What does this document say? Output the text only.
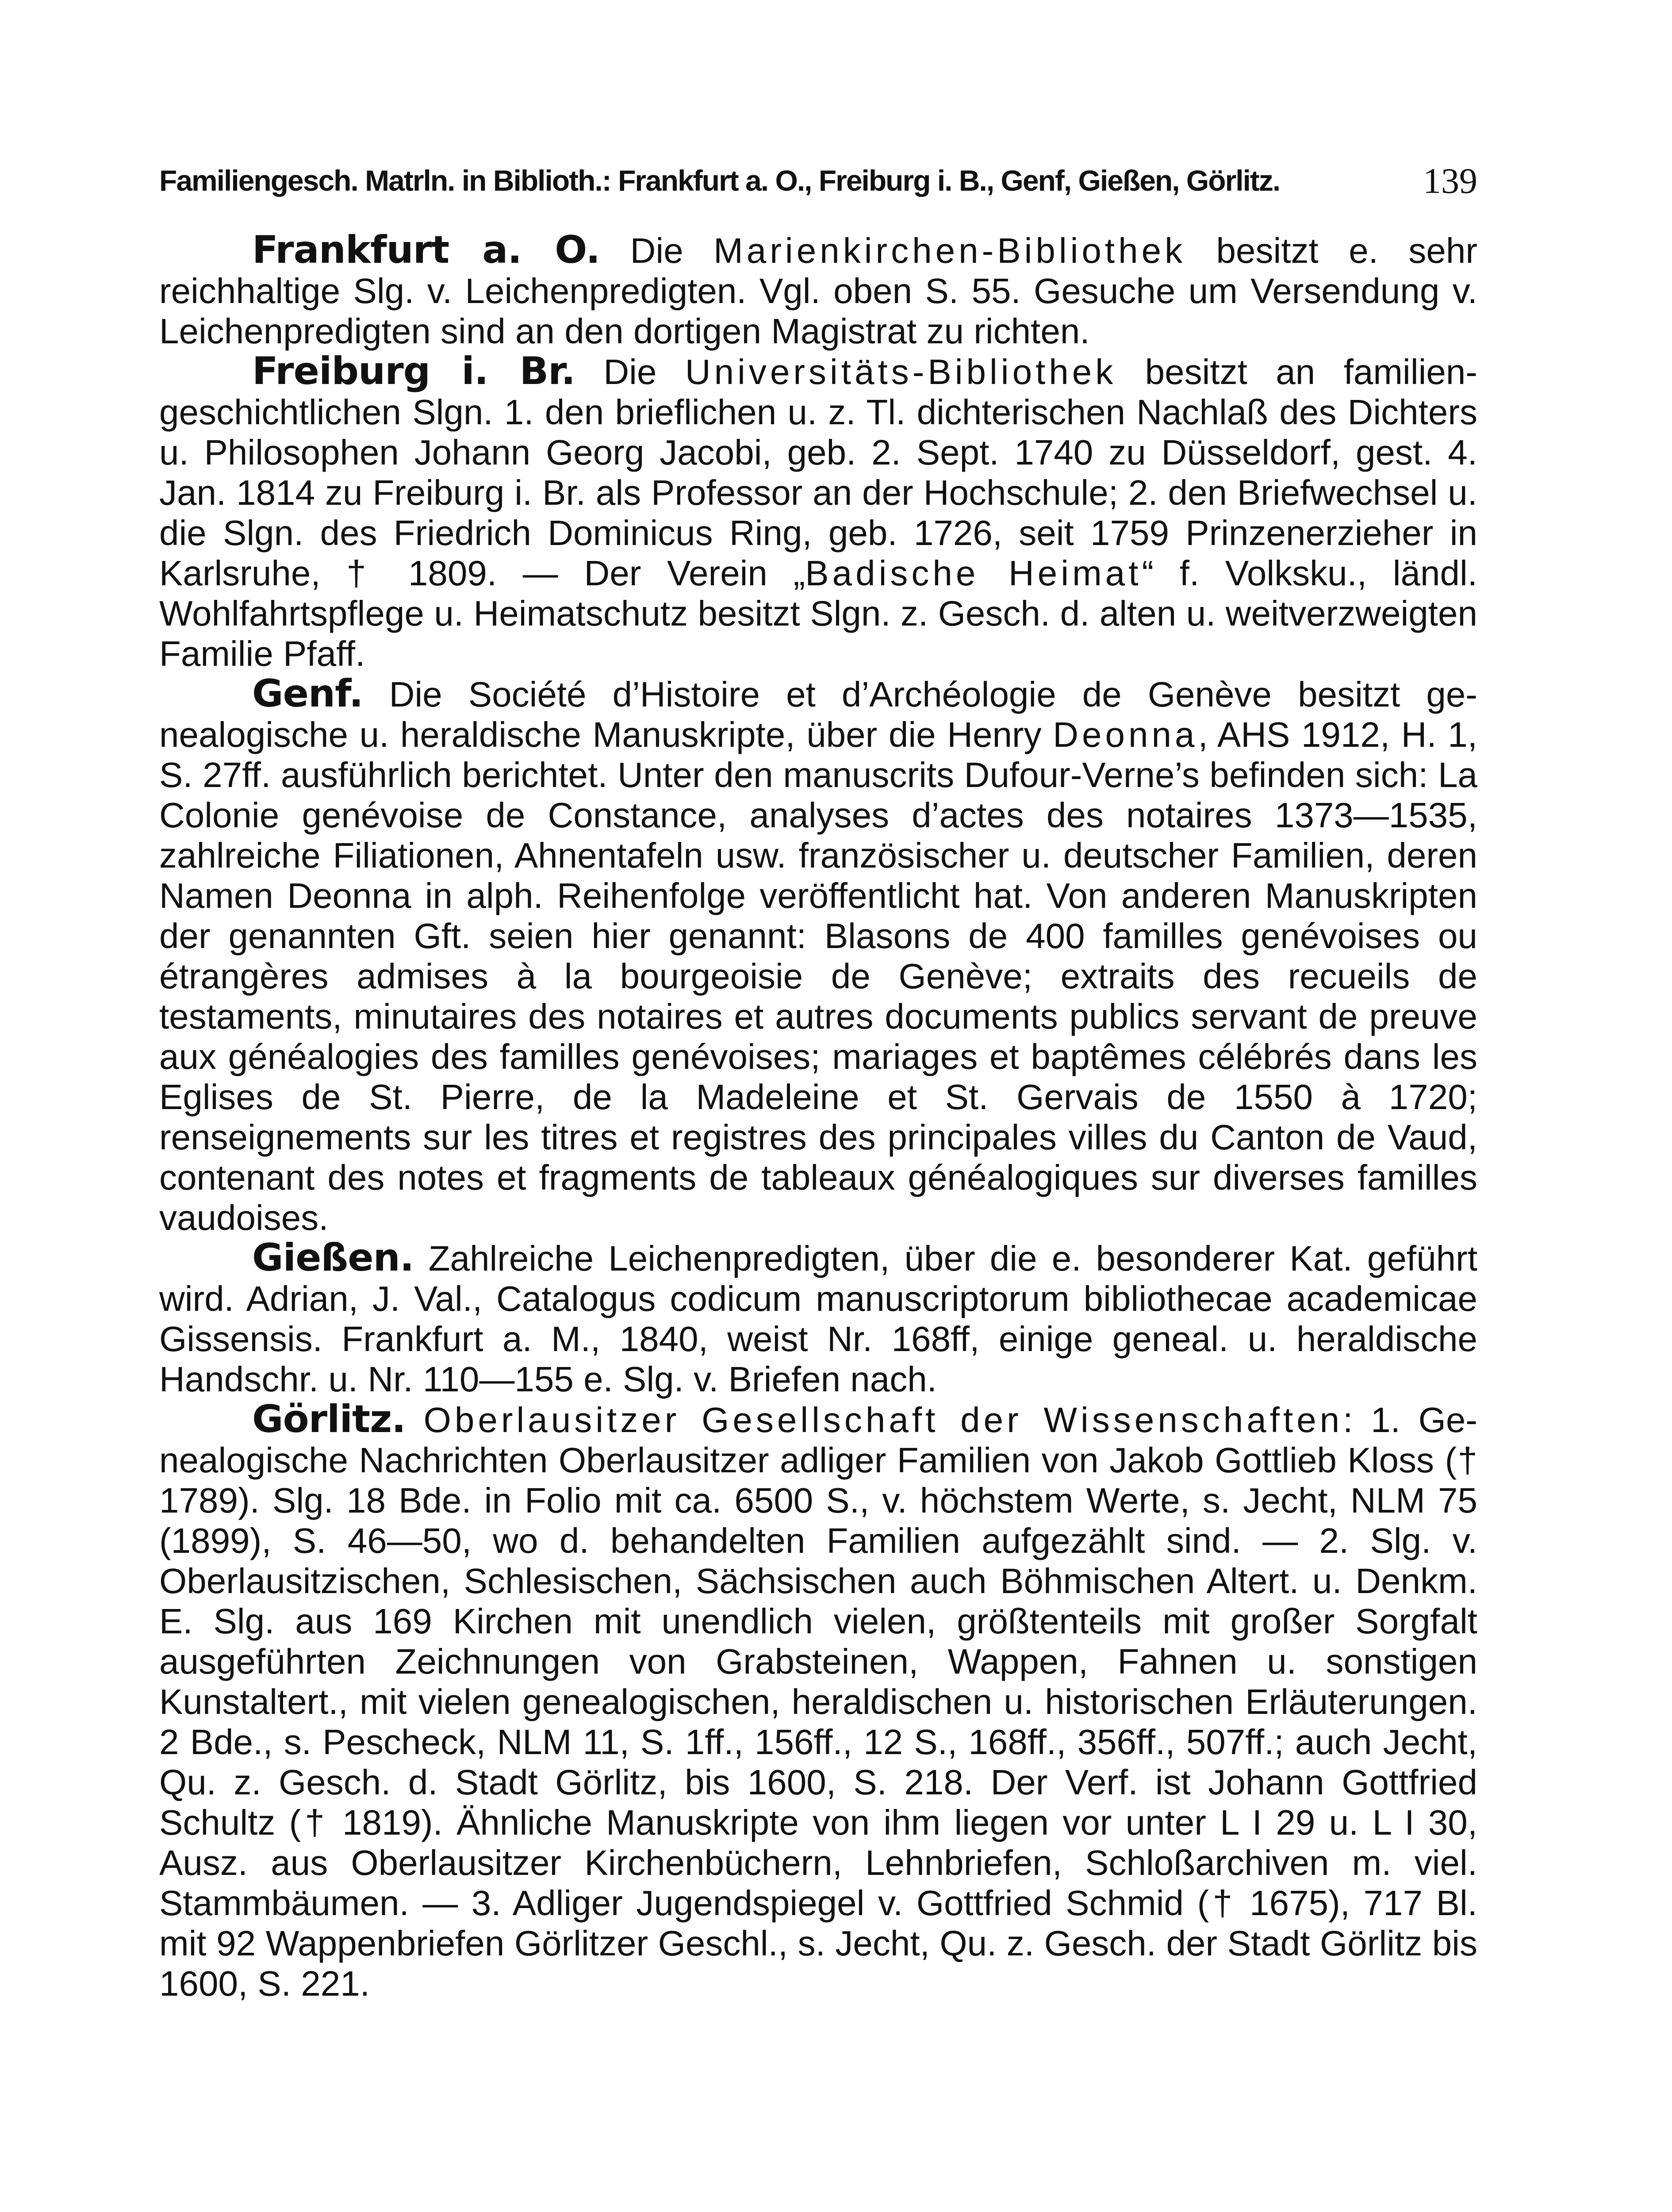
Familiengesch. Matrln. in Biblioth.: Frankfurt a. O., Freiburg i. B., Genf, Gießen, Görlitz.	139

Frankfurt a. O. Die Marienkirchen-Bibliothek besitzt e. sehr reichhaltige Slg. v. Leichenpredigten. Vgl. oben S. 55. Gesuche um Versendung v. Leichenpredigten sind an den dortigen Magistrat zu richten.

Freiburg i. Br. Die Universitäts-Bibliothek besitzt an familiengeschichtlichen Slgn. 1. den brieflichen u. z. Tl. dichterischen Nachlaß des Dichters u. Philosophen Johann Georg Jacobi, geb. 2. Sept. 1740 zu Düsseldorf, gest. 4. Jan. 1814 zu Freiburg i. Br. als Professor an der Hochschule; 2. den Briefwechsel u. die Slgn. des Friedrich Dominicus Ring, geb. 1726, seit 1759 Prinzenerzieher in Karlsruhe, † 1809. — Der Verein „Badische Heimat“ f. Volksku., ländl. Wohlfahrtspflege u. Heimatschutz besitzt Slgn. z. Gesch. d. alten u. weitverzweigten Familie Pfaff.

Genf. Die Société d’Histoire et d’Archéologie de Genève besitzt genealogische u. heraldische Manuskripte, über die Henry Deonna, AHS 1912, H. 1, S. 27ff. ausführlich berichtet. Unter den manuscrits Dufour-Verne’s befinden sich: La Colonie genévoise de Constance, analyses d’actes des notaires 1373—1535, zahlreiche Filiationen, Ahnentafeln usw. französischer u. deutscher Familien, deren Namen Deonna in alph. Reihenfolge veröffentlicht hat. Von anderen Manuskripten der genannten Gft. seien hier genannt: Blasons de 400 familles genévoises ou étrangères admises à la bourgeoisie de Genève; extraits des recueils de testaments, minutaires des notaires et autres documents publics servant de preuve aux généalogies des familles genévoises; mariages et baptêmes célébrés dans les Eglises de St. Pierre, de la Madeleine et St. Gervais de 1550 à 1720; renseignements sur les titres et registres des principales villes du Canton de Vaud, contenant des notes et fragments de tableaux généalogiques sur diverses familles vaudoises.

Gießen. Zahlreiche Leichenpredigten, über die e. besonderer Kat. geführt wird. Adrian, J. Val., Catalogus codicum manuscriptorum bibliothecae academicae Gissensis. Frankfurt a. M., 1840, weist Nr. 168ff, einige geneal. u. heraldische Handschr. u. Nr. 110—155 e. Slg. v. Briefen nach.

Görlitz. Oberlausitzer Gesellschaft der Wissenschaften: 1. Genealogische Nachrichten Oberlausitzer adliger Familien von Jakob Gottlieb Kloss († 1789). Slg. 18 Bde. in Folio mit ca. 6500 S., v. höchstem Werte, s. Jecht, NLM 75 (1899), S. 46—50, wo d. behandelten Familien aufgezählt sind. — 2. Slg. v. Oberlausitzischen, Schlesischen, Sächsischen auch Böhmischen Altert. u. Denkm. E. Slg. aus 169 Kirchen mit unendlich vielen, größtenteils mit großer Sorgfalt ausgeführten Zeichnungen von Grabsteinen, Wappen, Fahnen u. sonstigen Kunstaltert., mit vielen genealogischen, heraldischen u. historischen Erläuterungen. 2 Bde., s. Pescheck, NLM 11, S. 1ff., 156ff., 12 S., 168ff., 356ff., 507ff.; auch Jecht, Qu. z. Gesch. d. Stadt Görlitz, bis 1600, S. 218. Der Verf. ist Johann Gottfried Schultz († 1819). Ähnliche Manuskripte von ihm liegen vor unter L I 29 u. L I 30, Ausz. aus Oberlausitzer Kirchenbüchern, Lehnbriefen, Schloßarchiven m. viel. Stammbäumen. — 3. Adliger Jugendspiegel v. Gottfried Schmid († 1675), 717 Bl. mit 92 Wappenbriefen Görlitzer Geschl., s. Jecht, Qu. z. Gesch. der Stadt Görlitz bis 1600, S. 221.
